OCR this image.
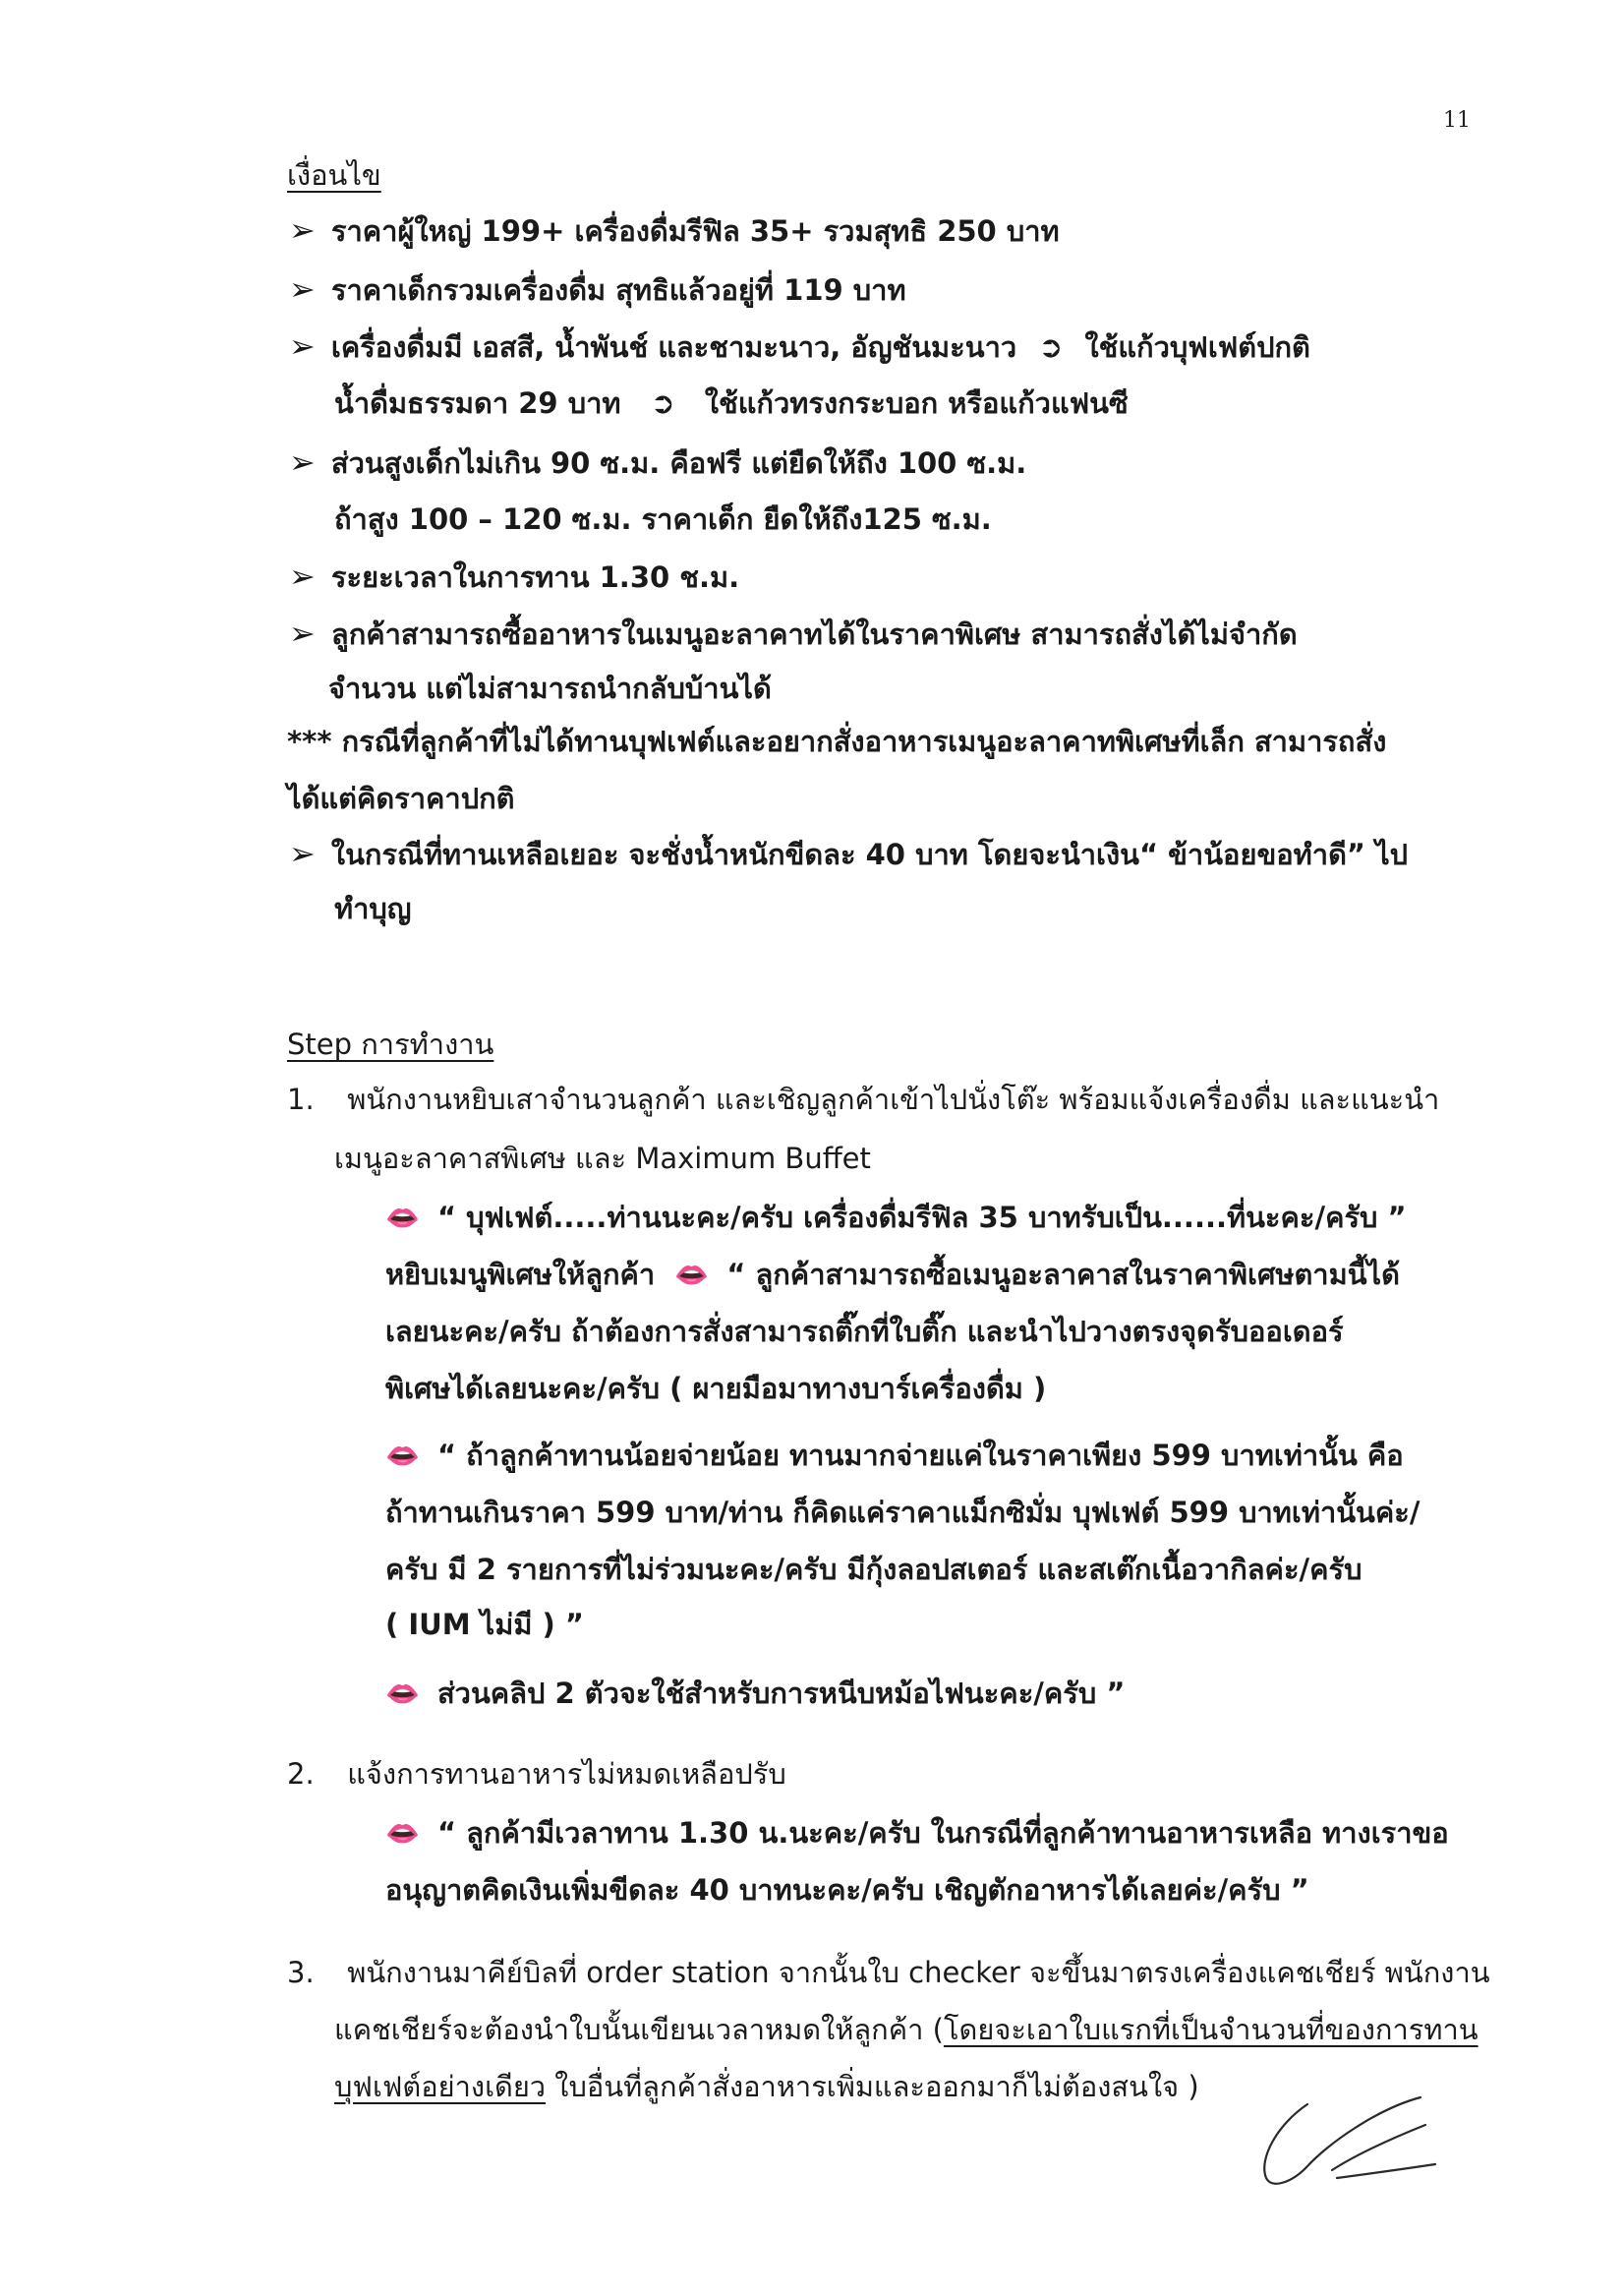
11
เงื่อนไข
➢ ราคาผู้ใหญ่ 199+ เครื่องดื่มรีฟิล 35+ รวมสุทธิ 250 บาท
➢ ราคาเด็กรวมเครื่องดื่ม สุทธิแล้วอยู่ที่ 119 บาท
➢ เครื่องดื่มมี เอสสี, น้ำพันช์ และชามะนาว, อัญชันมะนาว ➲ ใช้แก้วบุฟเฟต์ปกติ
น้ำดื่มธรรมดา 29 บาท ➲ ใช้แก้วทรงกระบอก หรือแก้วแฟนซี
➢ ส่วนสูงเด็กไม่เกิน 90 ซ.ม. คือฟรี แต่ยืดให้ถึง 100 ซ.ม.
ถ้าสูง 100 – 120 ซ.ม. ราคาเด็ก ยืดให้ถึง125 ซ.ม.
➢ ระยะเวลาในการทาน 1.30 ช.ม.
➢ ลูกค้าสามารถซื้ออาหารในเมนูอะลาคาทได้ในราคาพิเศษ สามารถสั่งได้ไม่จำกัด
จำนวน แต่ไม่สามารถนำกลับบ้านได้
*** กรณีที่ลูกค้าที่ไม่ได้ทานบุฟเฟต์และอยากสั่งอาหารเมนูอะลาคาทพิเศษที่เล็ก สามารถสั่ง
ได้แต่คิดราคาปกติ
➢ ในกรณีที่ทานเหลือเยอะ จะชั่งน้ำหนักขีดละ 40 บาท โดยจะนำเงิน“ ข้าน้อยขอทำดี” ไป
ทำบุญ
Step การทำงาน
1. พนักงานหยิบเสาจำนวนลูกค้า และเชิญลูกค้าเข้าไปนั่งโต๊ะ พร้อมแจ้งเครื่องดื่ม และแนะนำ
เมนูอะลาคาสพิเศษ และ Maximum Buffet
👄 “ บุฟเฟต์.....ท่านนะคะ/ครับ เครื่องดื่มรีฟิล 35 บาทรับเป็น......ที่นะคะ/ครับ ”
หยิบเมนูพิเศษให้ลูกค้า 👄 “ ลูกค้าสามารถซื้อเมนูอะลาคาสในราคาพิเศษตามนี้ได้
เลยนะคะ/ครับ ถ้าต้องการสั่งสามารถติ๊กที่ใบติ๊ก และนำไปวางตรงจุดรับออเดอร์
พิเศษได้เลยนะคะ/ครับ ( ผายมือมาทางบาร์เครื่องดื่ม )
👄 “ ถ้าลูกค้าทานน้อยจ่ายน้อย ทานมากจ่ายแค่ในราคาเพียง 599 บาทเท่านั้น คือ
ถ้าทานเกินราคา 599 บาท/ท่าน ก็คิดแค่ราคาแม็กซิมั่ม บุฟเฟต์ 599 บาทเท่านั้นค่ะ/
ครับ มี 2 รายการที่ไม่ร่วมนะคะ/ครับ มีกุ้งลอปสเตอร์ และสเต๊กเนื้อวากิลค่ะ/ครับ
( IUM ไม่มี ) ”
👄 ส่วนคลิป 2 ตัวจะใช้สำหรับการหนีบหม้อไฟนะคะ/ครับ ”
2. แจ้งการทานอาหารไม่หมดเหลือปรับ
👄 “ ลูกค้ามีเวลาทาน 1.30 น.นะคะ/ครับ ในกรณีที่ลูกค้าทานอาหารเหลือ ทางเราขอ
อนุญาตคิดเงินเพิ่มขีดละ 40 บาทนะคะ/ครับ เชิญตักอาหารได้เลยค่ะ/ครับ ”
3. พนักงานมาคีย์บิลที่ order station จากนั้นใบ checker จะขึ้นมาตรงเครื่องแคชเชียร์ พนักงาน
แคชเชียร์จะต้องนำใบนั้นเขียนเวลาหมดให้ลูกค้า (โดยจะเอาใบแรกที่เป็นจำนวนที่ของการทาน
บุฟเฟต์อย่างเดียว ใบอื่นที่ลูกค้าสั่งอาหารเพิ่มและออกมาก็ไม่ต้องสนใจ )
